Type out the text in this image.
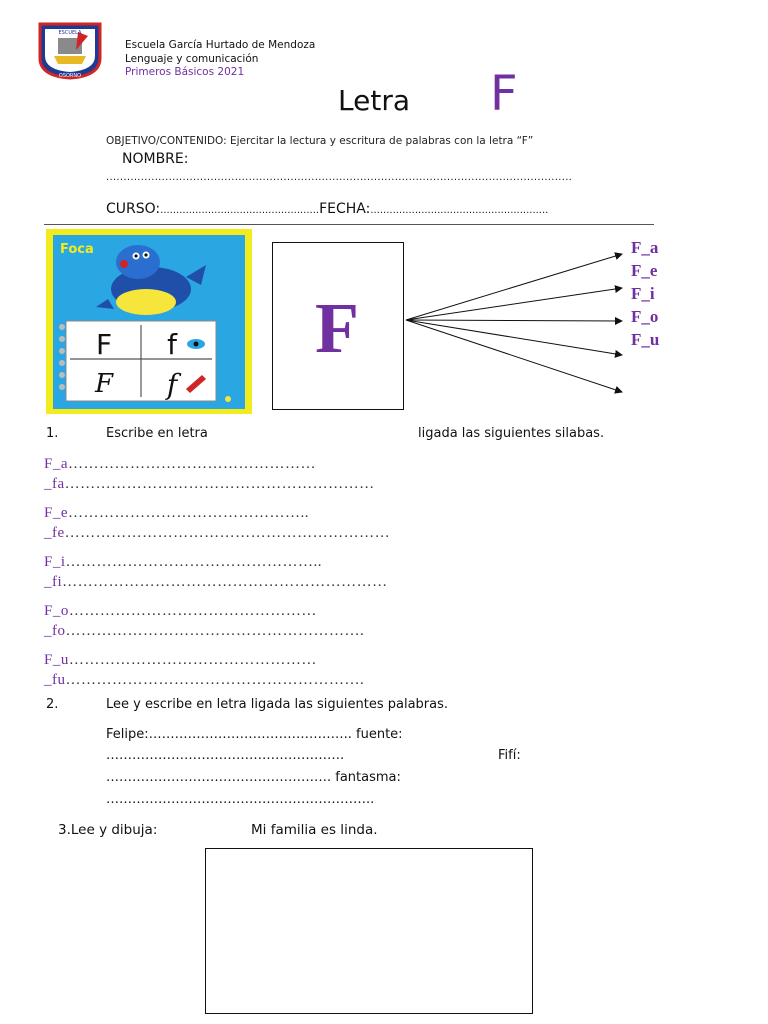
ESCUELA
OSORNO
Escuela García Hurtado de Mendoza
Lenguaje y comunicación
Primeros Básicos 2021
Letra F
OBJETIVO/CONTENIDO: Ejercitar la lectura y escritura de palabras con la letra “F”
NOMBRE:
......................................................................................................................................
CURSO:..................................................FECHA:........................................................
Foca
F f
F f
F
F_a
F_e
F_i
F_o
F_u
1.	Escribe en letra	ligada las siguientes silabas.
F_a…………………………………………
_fa……………………………………………………
F_e………………………………………..
_fe………………………………………………………
F_i…………………………………………..
_fi………………………………………………………
F_o…………………………………………
_fo………………………………………………….
F_u…………………………………………
_fu………………………………………………….
2.	Lee y escribe en letra ligada las siguientes palabras.
Felipe:……………………………………….. fuente:
……………………………………………….	Fifí:
……………………………………………. fantasma:
……………………………………………………..
3.Lee y dibuja:	Mi familia es linda.
